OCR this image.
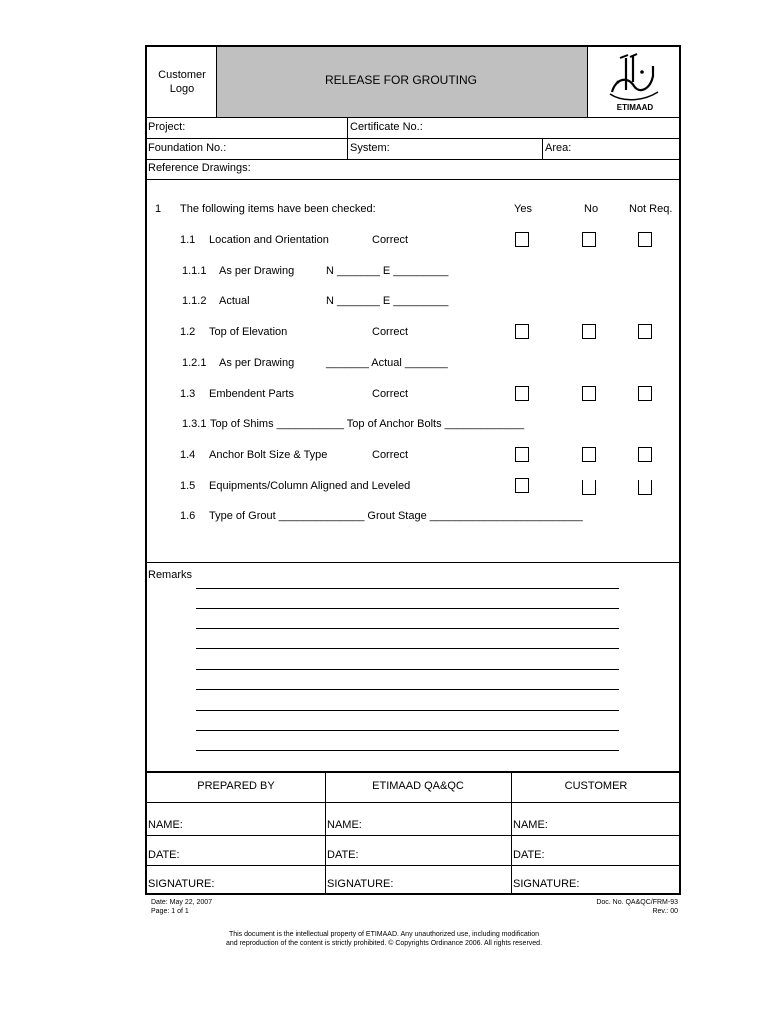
Customer
Logo
RELEASE FOR GROUTING
ETIMAAD
Project:	Certificate No.:
Foundation No.:	System:	Area:
Reference Drawings:
1 The following items have been checked:	Yes	No	Not Req.
1.1 Location and Orientation	Correct
1.1.1 As per Drawing	N _______ E _________
1.1.2 Actual	N _______ E _________
1.2 Top of Elevation	Correct
1.2.1 As per Drawing	_______ Actual _______
1.3 Embendent Parts	Correct
1.3.1 Top of Shims ___________ Top of Anchor Bolts _____________
1.4 Anchor Bolt Size & Type	Correct
1.5 Equipments/Column Aligned and Leveled
1.6 Type of Grout ______________ Grout Stage _________________________
Remarks
PREPARED BY	ETIMAAD QA&QC	CUSTOMER
NAME:	NAME:	NAME:
DATE:	DATE:	DATE:
SIGNATURE:	SIGNATURE:	SIGNATURE:
Date: May 22, 2007
Page: 1 of 1
Doc. No. QA&QC/FRM-93
Rev.: 00
This document is the intellectual property of ETIMAAD. Any unauthorized use, including modification
and reproduction of the content is strictly prohibited. © Copyrights Ordinance 2006. All rights reserved.
